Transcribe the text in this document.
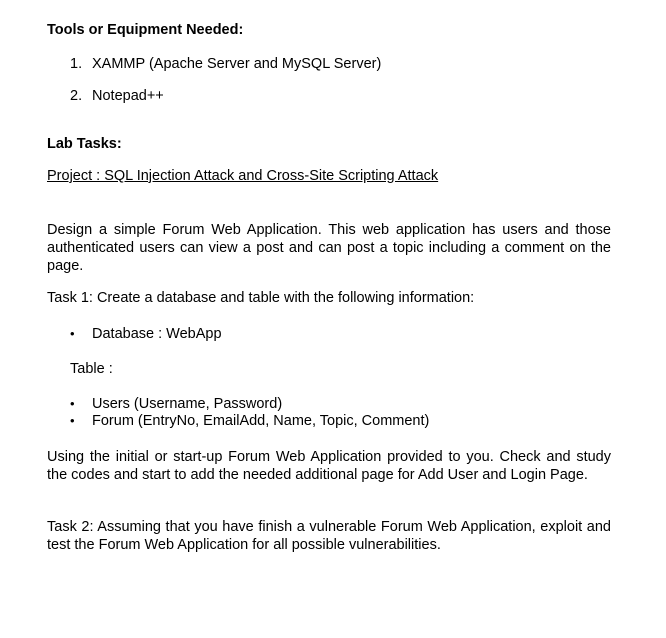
Tools or Equipment Needed:
1. XAMMP (Apache Server and MySQL Server)
2. Notepad++
Lab Tasks:
Project : SQL Injection Attack and Cross-Site Scripting Attack
Design a simple Forum Web Application. This web application has users and those authenticated users can view a post and can post a topic including a comment on the page.
Task 1: Create a database and table with the following information:
• Database : WebApp
Table :
• Users (Username, Password)
• Forum (EntryNo, EmailAdd, Name, Topic, Comment)
Using the initial or start-up Forum Web Application provided to you. Check and study the codes and start to add the needed additional page for Add User and Login Page.
Task 2: Assuming that you have finish a vulnerable Forum Web Application, exploit and test the Forum Web Application for all possible vulnerabilities.
